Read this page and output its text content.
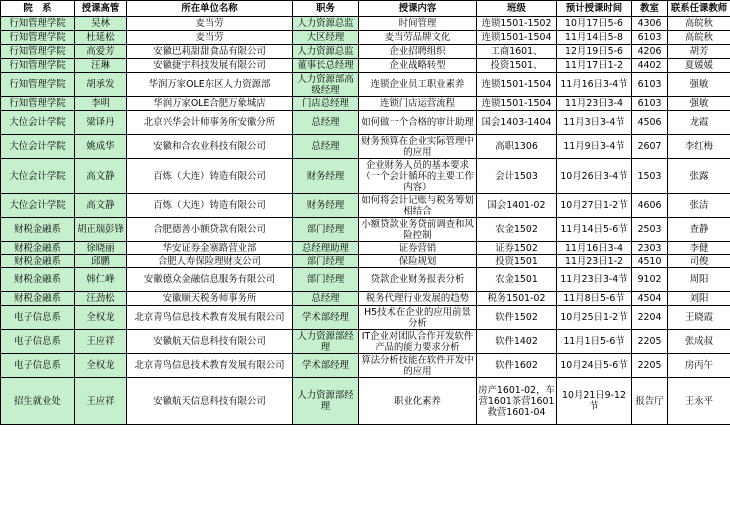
院　系	授课高管	所在单位名称	职务	授课内容	班级	预计授课时间	教室	联系任课教师
行知管理学院	吴林	麦当劳	人力资源总监	时间管理	连锁1501-1502	10月17日5-6	4306	高皖秋
行知管理学院	杜延松	麦当劳	大区经理	麦当劳品牌文化	连锁1501-1504	11月14日5-8	6103	高皖秋
行知管理学院	高爱芳	安徽巴莉甜甜食品有限公司	人力资源总监	企业招聘组织	工商1601、	12月19日5-6	4206	胡芳
行知管理学院	汪琳	安徽捷宇科技发展有限公司	董事长总经理	企业战略转型	投资1501、	11月17日1-2	4402	夏媛媛
行知管理学院	胡承发	华润万家OLE东区人力资源部	人力资源部高级经理	连锁企业员工职业素养	连锁1501-1504	11月16日3-4节	6103	强敏
行知管理学院	李明	华润万家OLE合肥万象城店	门店总经理	连锁门店运营流程	连锁1501-1504	11月23日3-4	6103	强敏
大位会计学院	梁译丹	北京兴华会计师事务所安徽分所	总经理	如何做一个合格的审计助理	国会1403-1404	11月3日3-4节	4506	龙霞
大位会计学院	姚成华	安徽和合农业科技有限公司	总经理	财务预算在企业实际管理中的应用	高职1306	11月9日3-4节	2607	李红梅
大位会计学院	高文静	百炼（大连）铸造有限公司	财务经理	企业财务人员的基本要求（一个会计循环的主要工作内容）	会计1503	10月26日3-4节	1503	张露
大位会计学院	高文静	百炼（大连）铸造有限公司	财务经理	如何将会计记账与税务筹划相结合	国会1401-02	10月27日1-2节	4606	张洁
财税金融系	胡正瑞彭锋	合肥德善小额贷款有限公司	部门经理	小额贷款业务贷前调查和风险控制	农金1502	11月14日5-6节	2503	查静
财税金融系	徐晓丽	华安证券金寨路营业部	总经理助理	证券营销	证券1502	11月16日3-4	2303	李健
财税金融系	邱鹏	合肥人寿保险理财支公司	部门经理	保险规划	投资1501	11月23日1-2	4510	司俊
财税金融系	韩仁峰	安徽德众金融信息服务有限公司	部门经理	贷款企业财务报表分析	农金1501	11月23日3-4节	9102	周阳
财税金融系	汪劲松	安徽顺天税务师事务所	总经理	税务代理行业发展的趋势	税务1501-02	11月8日5-6节	4504	刘阳
电子信息系	全权龙	北京青鸟信息技术教育发展有限公司	学术部经理	H5技术在企业的应用前景分析	软件1502	10月25日1-2节	2204	王晓霞
电子信息系	王应祥	安徽航天信息科技有限公司	人力资源部经理	IT企业对团队合作开发软件产品的能力要求分析	软件1402	11月1日5-6节	2205	张成叔
电子信息系	全权龙	北京青鸟信息技术教育发展有限公司	学术部经理	算法分析技能在软件开发中的应用	软件1602	10月24日5-6节	2205	房丙午
招生就业处	王应祥	安徽航天信息科技有限公司	人力资源部经理	职业化素养	房产1601-02，车营1601茶营1601救营1601-04	10月21日9-12节	报告厅	王永平
